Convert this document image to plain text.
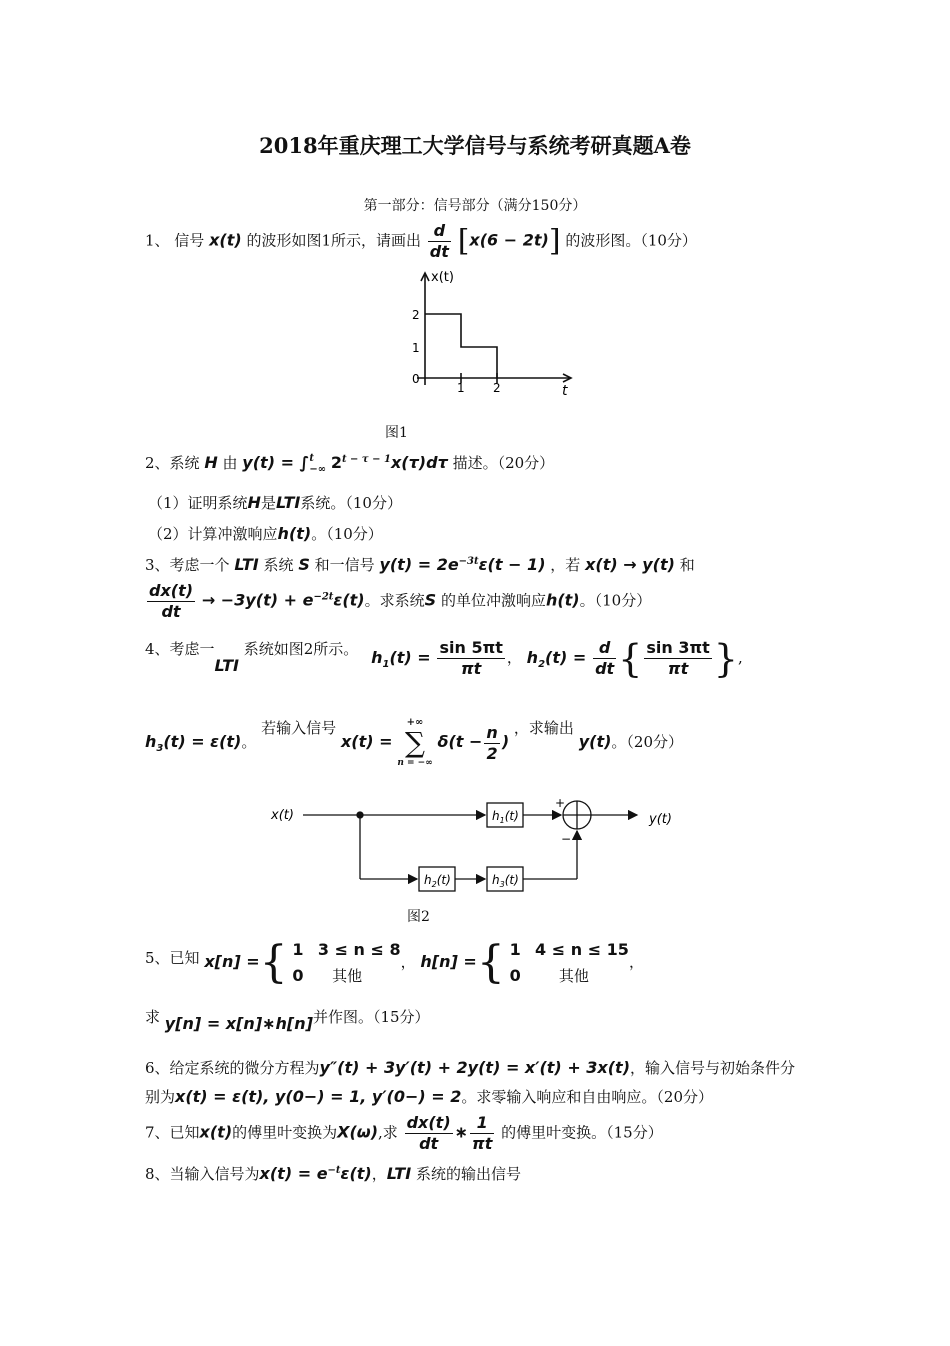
2018年重庆理工大学信号与系统考研真题A卷
第一部分：信号部分（满分150分）
1、 信号 x(t) 的波形如图1所示，请画出 $\frac{d}{dt} [x(6 - 2t)]$ 的波形图。（10分）
x(t)
t
2
1
0
1 2
图1
2、系统 H 由 y(t) = ∫ t
−∞ $2^{t - \tau - 1}x(\tau)d\tau$ 描述。（20分）
（1）证明系统H是LTI系统。（10分）
（2）计算冲激响应h(t)。（10分）
3、考虑一个 LTI 系统 S 和一信号 $y(t) = 2e^{-3t}\varepsilon(t - 1)$ ，若 x(t) → y(t) 和
$\frac{dx(t)}{dt} \to -3y(t) + e^{-2t}\varepsilon(t)$。求系统S 的单位冲激响应h(t)。（10分）
4、考虑一LTI 系统如图2所示。 $h_1(t) = \frac{\sin 5\pi t}{\pi t}$ ， $h_2(t) = \frac{d}{dt}$ { $\frac{\sin 3\pi t}{\pi t}$ },
$h_3(t) = \varepsilon(t)$。 若输入信号 x(t) =
+∞
∑
n = −∞
$\delta(t - \frac{n}{2}$ ) ，求输出 y(t)。（20分）
x(t)	y(t)
+
−
$h_1(t)$
$h_2(t)$	$h_3(t)$
图2
5、已知 x[n] ={ 1 3 ≤ n ≤ 8
0 其他
， h[n] ={ 1 4 ≤ n ≤ 15
0	其他
，
求 y[n] = x[n]∗h[n]并作图。（15分）
6、给定系统的微分方程为y″(t) + 3y′(t) + 2y(t) = x′(t) + 3x(t)，输入信号与初始条件分
别为x(t) = ε(t), y(0−) = 1, y′(0−) = 2。求零输入响应和自由响应。（20分）
7、已知x(t)的傅里叶变换为X(ω),求 $\frac{dx(t)}{dt}$ ∗ $\frac{1}{\pi t}$ 的傅里叶变换。（15分）
8、当输入信号为$x(t) = e^{-t}\varepsilon(t)$，LTI 系统的输出信号
